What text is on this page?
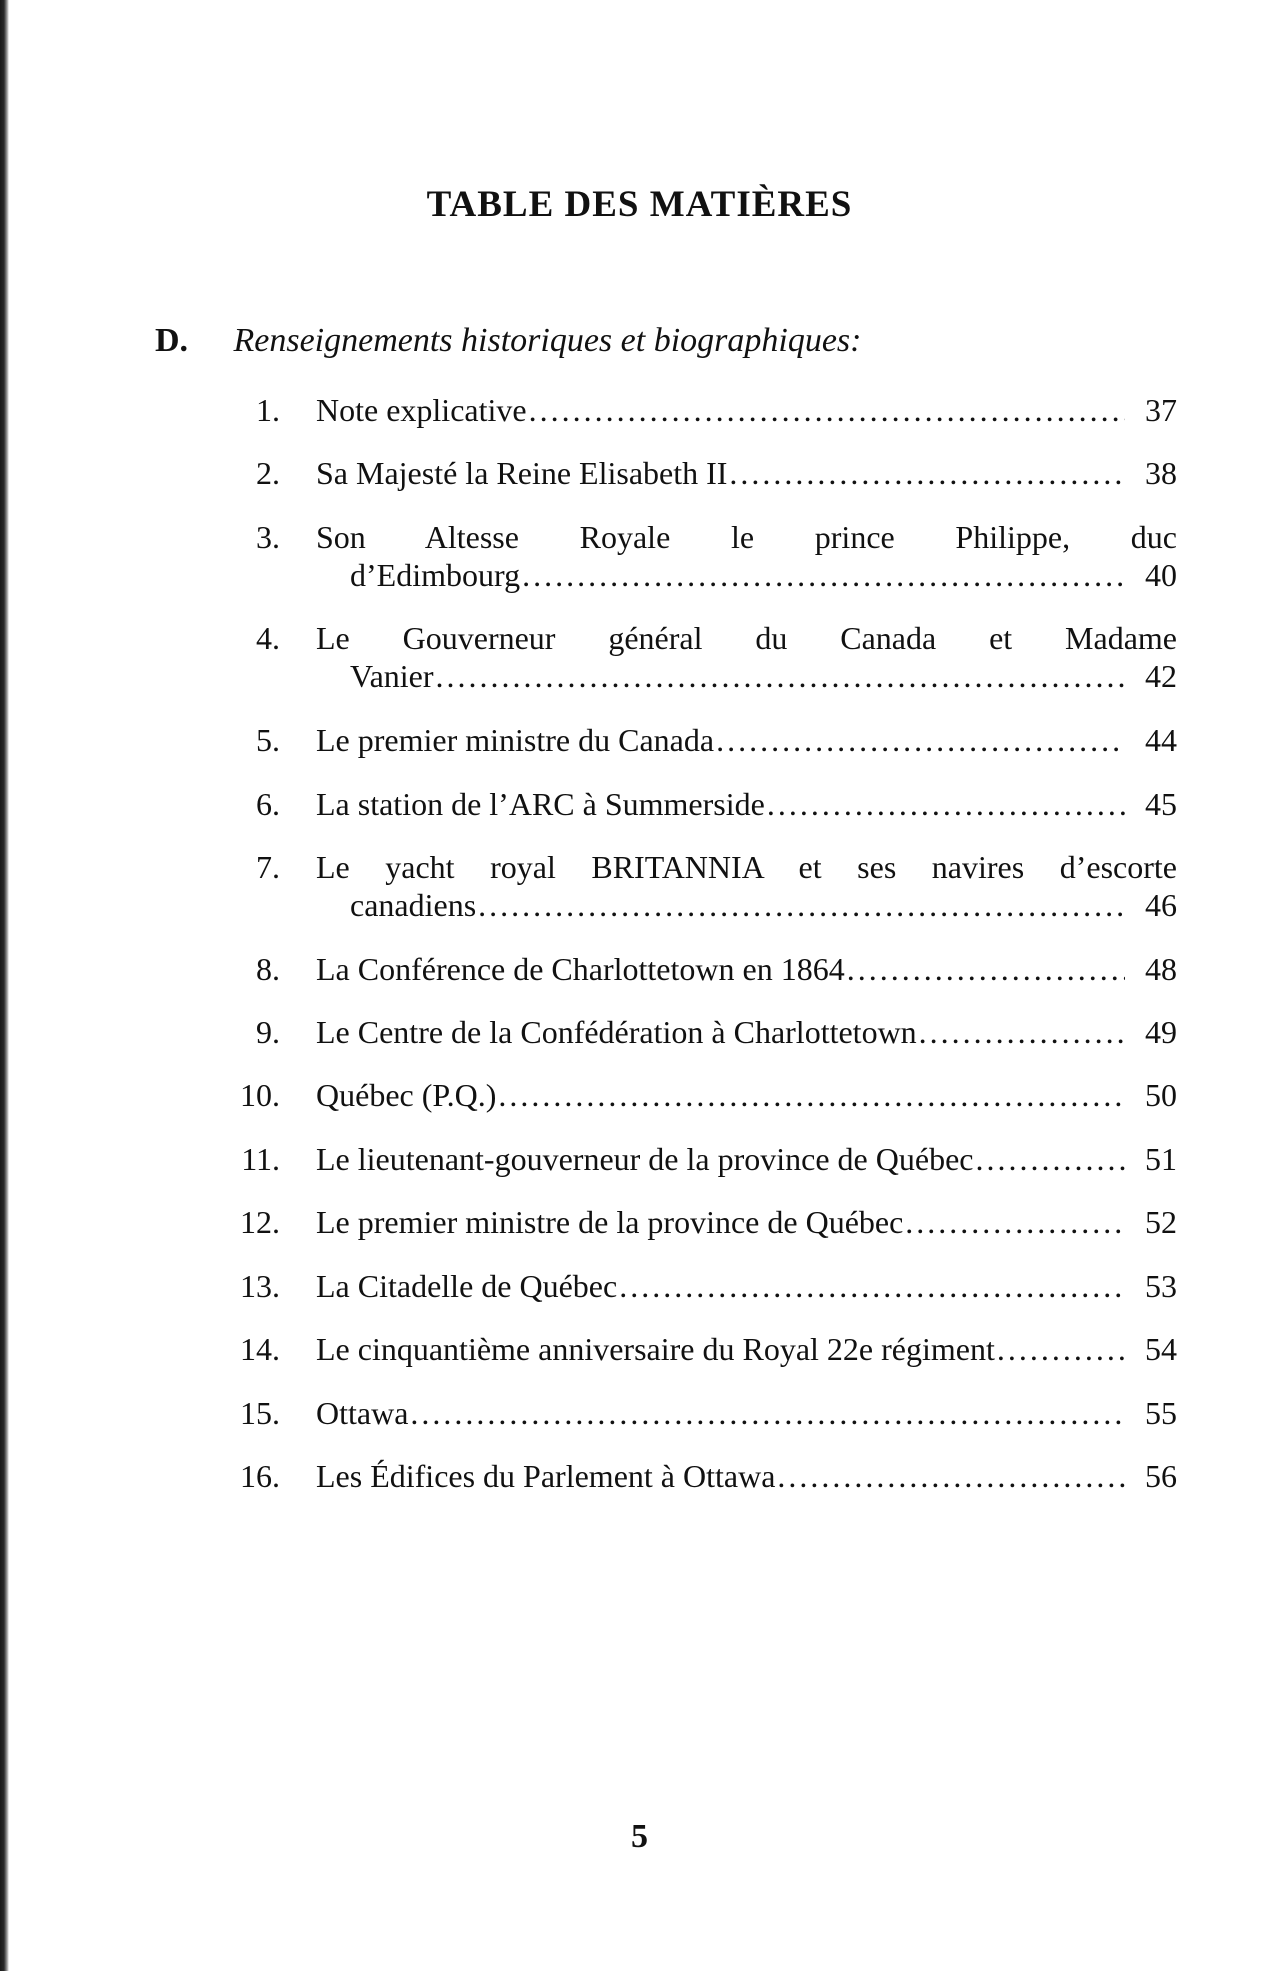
TABLE DES MATIÈRES
D. Renseignements historiques et biographiques:
1. Note explicative .....	37
2. Sa Majesté la Reine Elisabeth II .....	38
3. Son Altesse Royale le prince Philippe, duc
d’Edimbourg .....	40
4. Le Gouverneur général du Canada et Madame
Vanier .....	42
5. Le premier ministre du Canada .....	44
6. La station de l’ARC à Summerside .....	45
7. Le yacht royal BRITANNIA et ses navires d’escorte
canadiens .....	46
8. La Conférence de Charlottetown en 1864 .....	48
9. Le Centre de la Confédération à Charlottetown .....	49
10. Québec (P.Q.) .....	50
11. Le lieutenant-gouverneur de la province de Québec .....	51
12. Le premier ministre de la province de Québec .....	52
13. La Citadelle de Québec .....	53
14. Le cinquantième anniversaire du Royal 22e régiment .....	54
15. Ottawa .....	55
16. Les Édifices du Parlement à Ottawa .....	56
5
